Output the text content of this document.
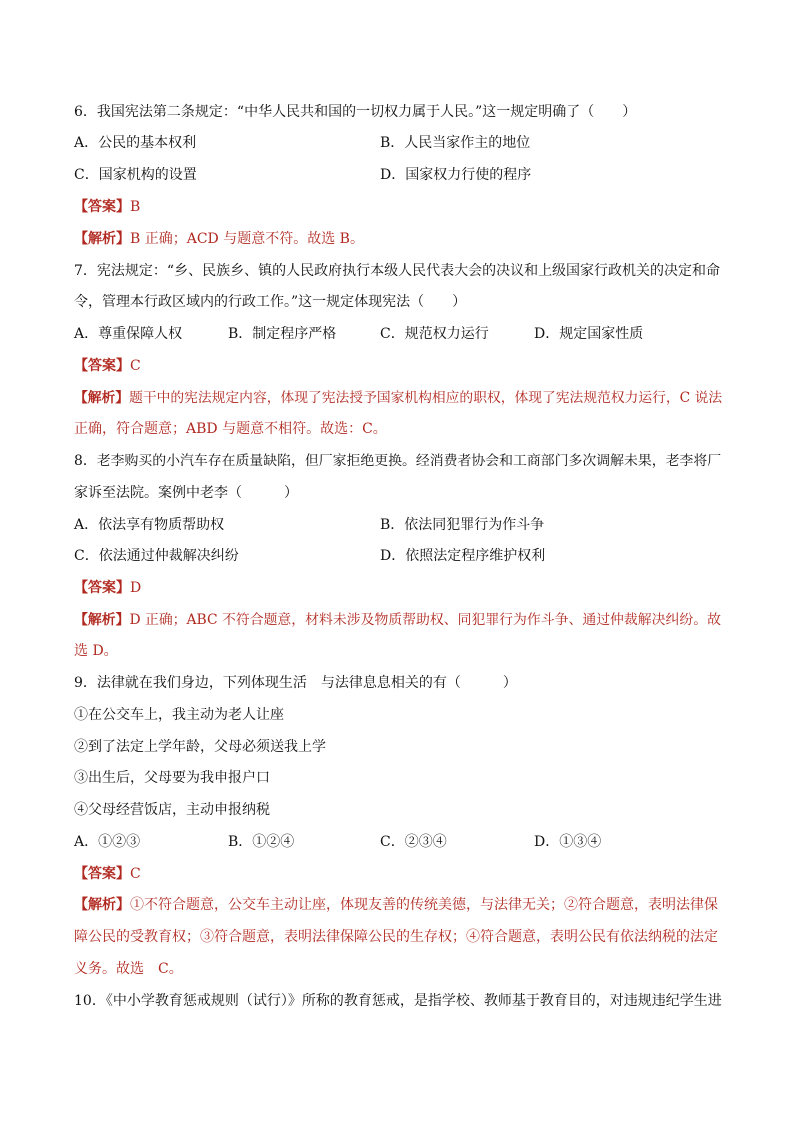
6．我国宪法第二条规定：“中华人民共和国的一切权力属于人民。”这一规定明确了（　　）
A．公民的基本权利	B．人民当家作主的地位
C．国家机构的设置	D．国家权力行使的程序
【答案】B
【解析】B 正确；ACD 与题意不符。故选 B。
7．宪法规定：“乡、民族乡、镇的人民政府执行本级人民代表大会的决议和上级国家行政机关的决定和命
令，管理本行政区域内的行政工作。”这一规定体现宪法（　　）
A．尊重保障人权	B．制定程序严格	C．规范权力运行	D．规定国家性质
【答案】C
【解析】题干中的宪法规定内容，体现了宪法授予国家机构相应的职权，体现了宪法规范权力运行，C 说法
正确，符合题意；ABD 与题意不相符。故选：C。
8．老李购买的小汽车存在质量缺陷，但厂家拒绝更换。经消费者协会和工商部门多次调解未果，老李将厂
家诉至法院。案例中老李（　　　）
A．依法享有物质帮助权	B．依法同犯罪行为作斗争
C．依法通过仲裁解决纠纷	D．依照法定程序维护权利
【答案】D
【解析】D 正确；ABC 不符合题意，材料未涉及物质帮助权、同犯罪行为作斗争、通过仲裁解决纠纷。故
选 D。
9．法律就在我们身边，下列体现生活　与法律息息相关的有（　　　）
①在公交车上，我主动为老人让座
②到了法定上学年龄，父母必须送我上学
③出生后，父母要为我申报户口
④父母经营饭店，主动申报纳税
A．①②③	B．①②④	C．②③④	D．①③④
【答案】C
【解析】①不符合题意，公交车主动让座，体现友善的传统美德，与法律无关；②符合题意，表明法律保
障公民的受教育权；③符合题意，表明法律保障公民的生存权；④符合题意，表明公民有依法纳税的法定
义务。故选　C。
10．《中小学教育惩戒规则（试行）》所称的教育惩戒，是指学校、教师基于教育目的，对违规违纪学生进
